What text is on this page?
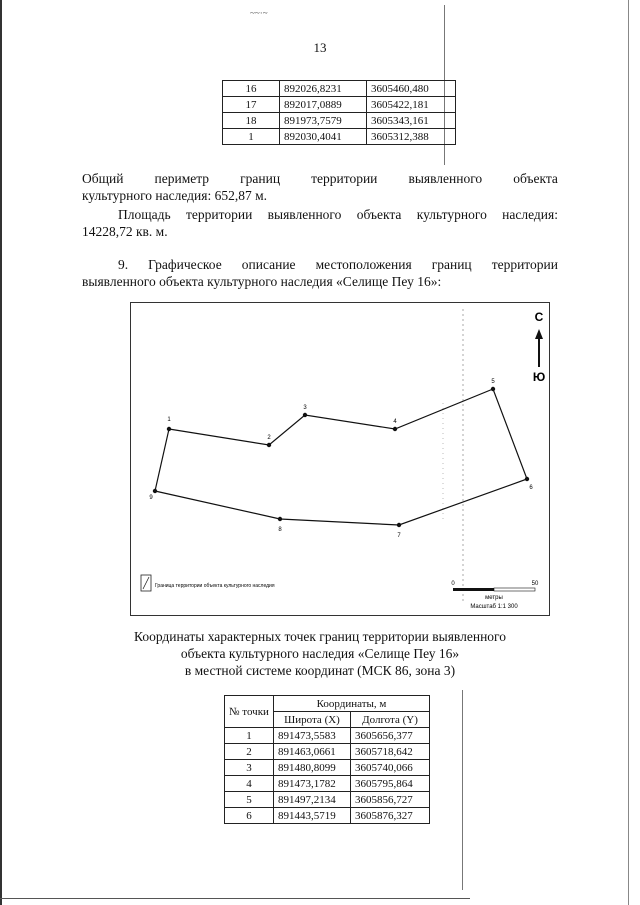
~~·~
13
16	892026,8231	3605460,480
17	892017,0889	3605422,181
18	891973,7579	3605343,161
1	892030,4041	3605312,388
Общий периметр границ территории выявленного объекта
культурного наследия: 652,87 м.
Площадь территории выявленного объекта культурного наследия:
14228,72 кв. м.
9. Графическое описание местоположения границ территории
выявленного объекта культурного наследия «Селище Пеу 16»:
С
Ю
1
2
3
4
5
6
7
8
9
Граница территории объекта культурного наследия	0	50
метры
Масштаб 1:1 300
Координаты характерных точек границ территории выявленного
объекта культурного наследия «Селище Пеу 16»
в местной системе координат (МСК 86, зона 3)
№ точки	Координаты, м	
	Широта (X)	Долгота (Y)
1	891473,5583	3605656,377
2	891463,0661	3605718,642
3	891480,8099	3605740,066
4	891473,1782	3605795,864
5	891497,2134	3605856,727
6	891443,5719	3605876,327
